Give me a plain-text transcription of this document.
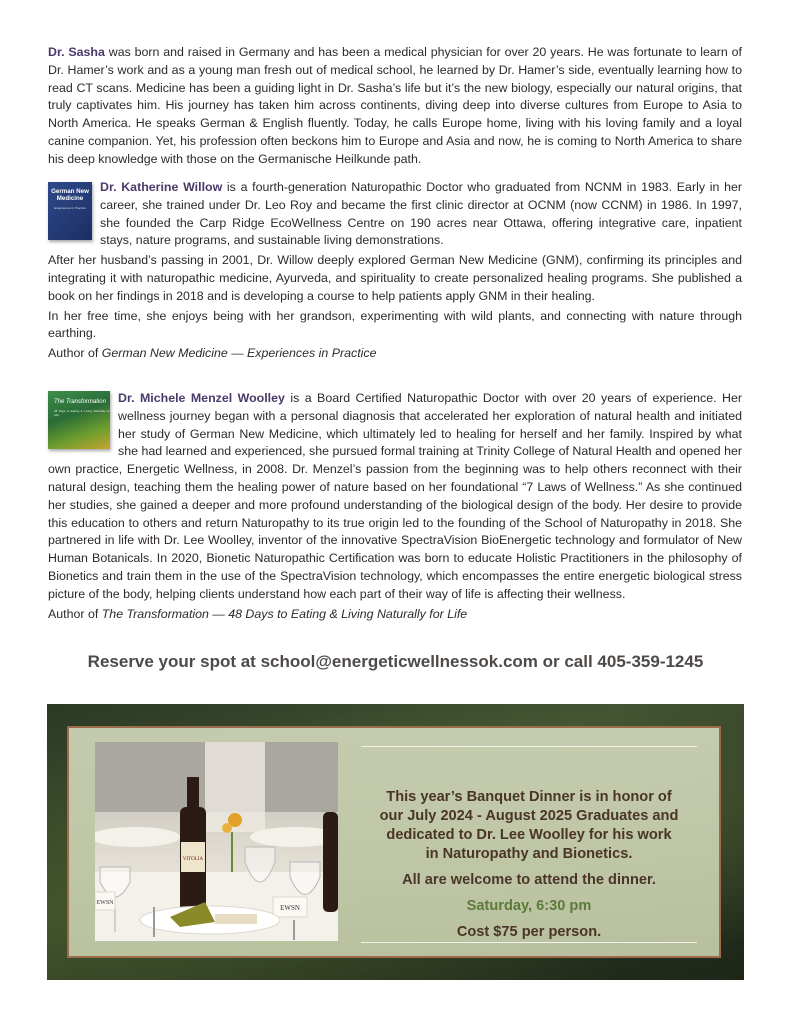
Dr. Sasha was born and raised in Germany and has been a medical physician for over 20 years. He was fortunate to learn of Dr. Hamer’s work and as a young man fresh out of medical school, he learned by Dr. Hamer’s side, eventually learning how to read CT scans. Medicine has been a guiding light in Dr. Sasha’s life but it’s the new biology, especially our natural origins, that truly captivates him. His journey has taken him across continents, diving deep into diverse cultures from Europe to Asia to North America. He speaks German & English fluently. Today, he calls Europe home, living with his loving family and a loyal canine companion. Yet, his profession often beckons him to Europe and Asia and now, he is coming to North America to share his deep knowledge with those on the Germanische Heilkunde path.

German New Medicine
Experiences in Practice

Dr. Katherine Willow is a fourth-generation Naturopathic Doctor who graduated from NCNM in 1983. Early in her career, she trained under Dr. Leo Roy and became the first clinic director at OCNM (now CCNM) in 1986. In 1997, she founded the Carp Ridge EcoWellness Centre on 190 acres near Ottawa, offering integrative care, inpatient stays, nature programs, and sustainable living demonstrations.

After her husband’s passing in 2001, Dr. Willow deeply explored German New Medicine (GNM), confirming its principles and integrating it with naturopathic medicine, Ayurveda, and spirituality to create personalized healing programs. She published a book on her findings in 2018 and is developing a course to help patients apply GNM in their healing.

In her free time, she enjoys being with her grandson, experimenting with wild plants, and connecting with nature through earthing.

Author of German New Medicine — Experiences in Practice

The Transformation
48 Days to Eating & Living Naturally for Life

Dr. Michele Menzel Woolley is a Board Certified Naturopathic Doctor with over 20 years of experience. Her wellness journey began with a personal diagnosis that accelerated her exploration of natural health and initiated her study of German New Medicine, which ultimately led to healing for herself and her family. Inspired by what she had learned and experienced, she pursued formal training at Trinity College of Natural Health and opened her own practice, Energetic Wellness, in 2008. Dr. Menzel’s passion from the beginning was to help others reconnect with their natural design, teaching them the healing power of nature based on her foundational “7 Laws of Wellness.” As she continued her studies, she gained a deeper and more profound understanding of the biological design of the body. Her desire to provide this education to others and return Naturopathy to its true origin led to the founding of the School of Naturopathy in 2018. She partnered in life with Dr. Lee Woolley, inventor of the innovative SpectraVision BioEnergetic technology and formulator of New Human Botanicals. In 2020, Bionetic Naturopathic Certification was born to educate Holistic Practitioners in the philosophy of Bionetics and train them in the use of the SpectraVision technology, which encompasses the entire energetic biological stress picture of the body, helping clients understand how each part of their way of life is affecting their wellness.

Author of The Transformation — 48 Days to Eating & Living Naturally for Life

Reserve your spot at school@energeticwellnessok.com or call 405-359-1245
VITOLIA
EWSN
EWSN
This year’s Banquet Dinner is in honor of
our July 2024 - August 2025 Graduates and
dedicated to Dr. Lee Woolley for his work
in Naturopathy and Bionetics.
All are welcome to attend the dinner.
Saturday, 6:30 pm
Cost $75 per person.
